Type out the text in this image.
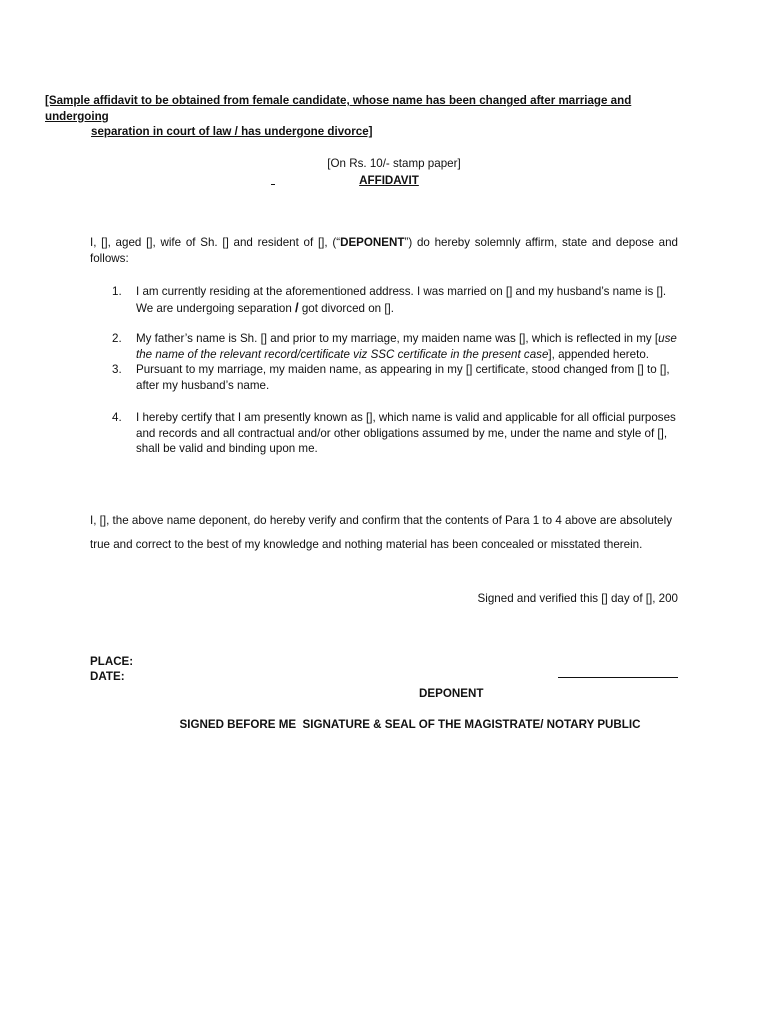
[Sample affidavit to be obtained from female candidate, whose name has been changed after marriage and undergoing
separation in court of law / has undergone divorce]
[On Rs. 10/- stamp paper]
AFFIDAVIT
I, [], aged [], wife of Sh. [] and resident of [], (“DEPONENT”) do hereby solemnly affirm, state and depose and follows:
1.	I am currently residing at the aforementioned address. I was married on [] and my husband’s name is [].
We are undergoing separation / got divorced on [].
2.	My father’s name is Sh. [] and prior to my marriage, my maiden name was [], which is reflected in my [use
the name of the relevant record/certificate viz SSC certificate in the present case], appended hereto.
3.	Pursuant to my marriage, my maiden name, as appearing in my [] certificate, stood changed from [] to [],
after my husband’s name.
4.	I hereby certify that I am presently known as [], which name is valid and applicable for all official purposes
and records and all contractual and/or other obligations assumed by me, under the name and style of [],
shall be valid and binding upon me.
I, [], the above name deponent, do hereby verify and confirm that the contents of Para 1 to 4 above are absolutely
true and correct to the best of my knowledge and nothing material has been concealed or misstated therein.
Signed and verified this [] day of [], 200
PLACE:
DATE:
DEPONENT
SIGNED BEFORE ME  SIGNATURE & SEAL OF THE MAGISTRATE/ NOTARY PUBLIC
